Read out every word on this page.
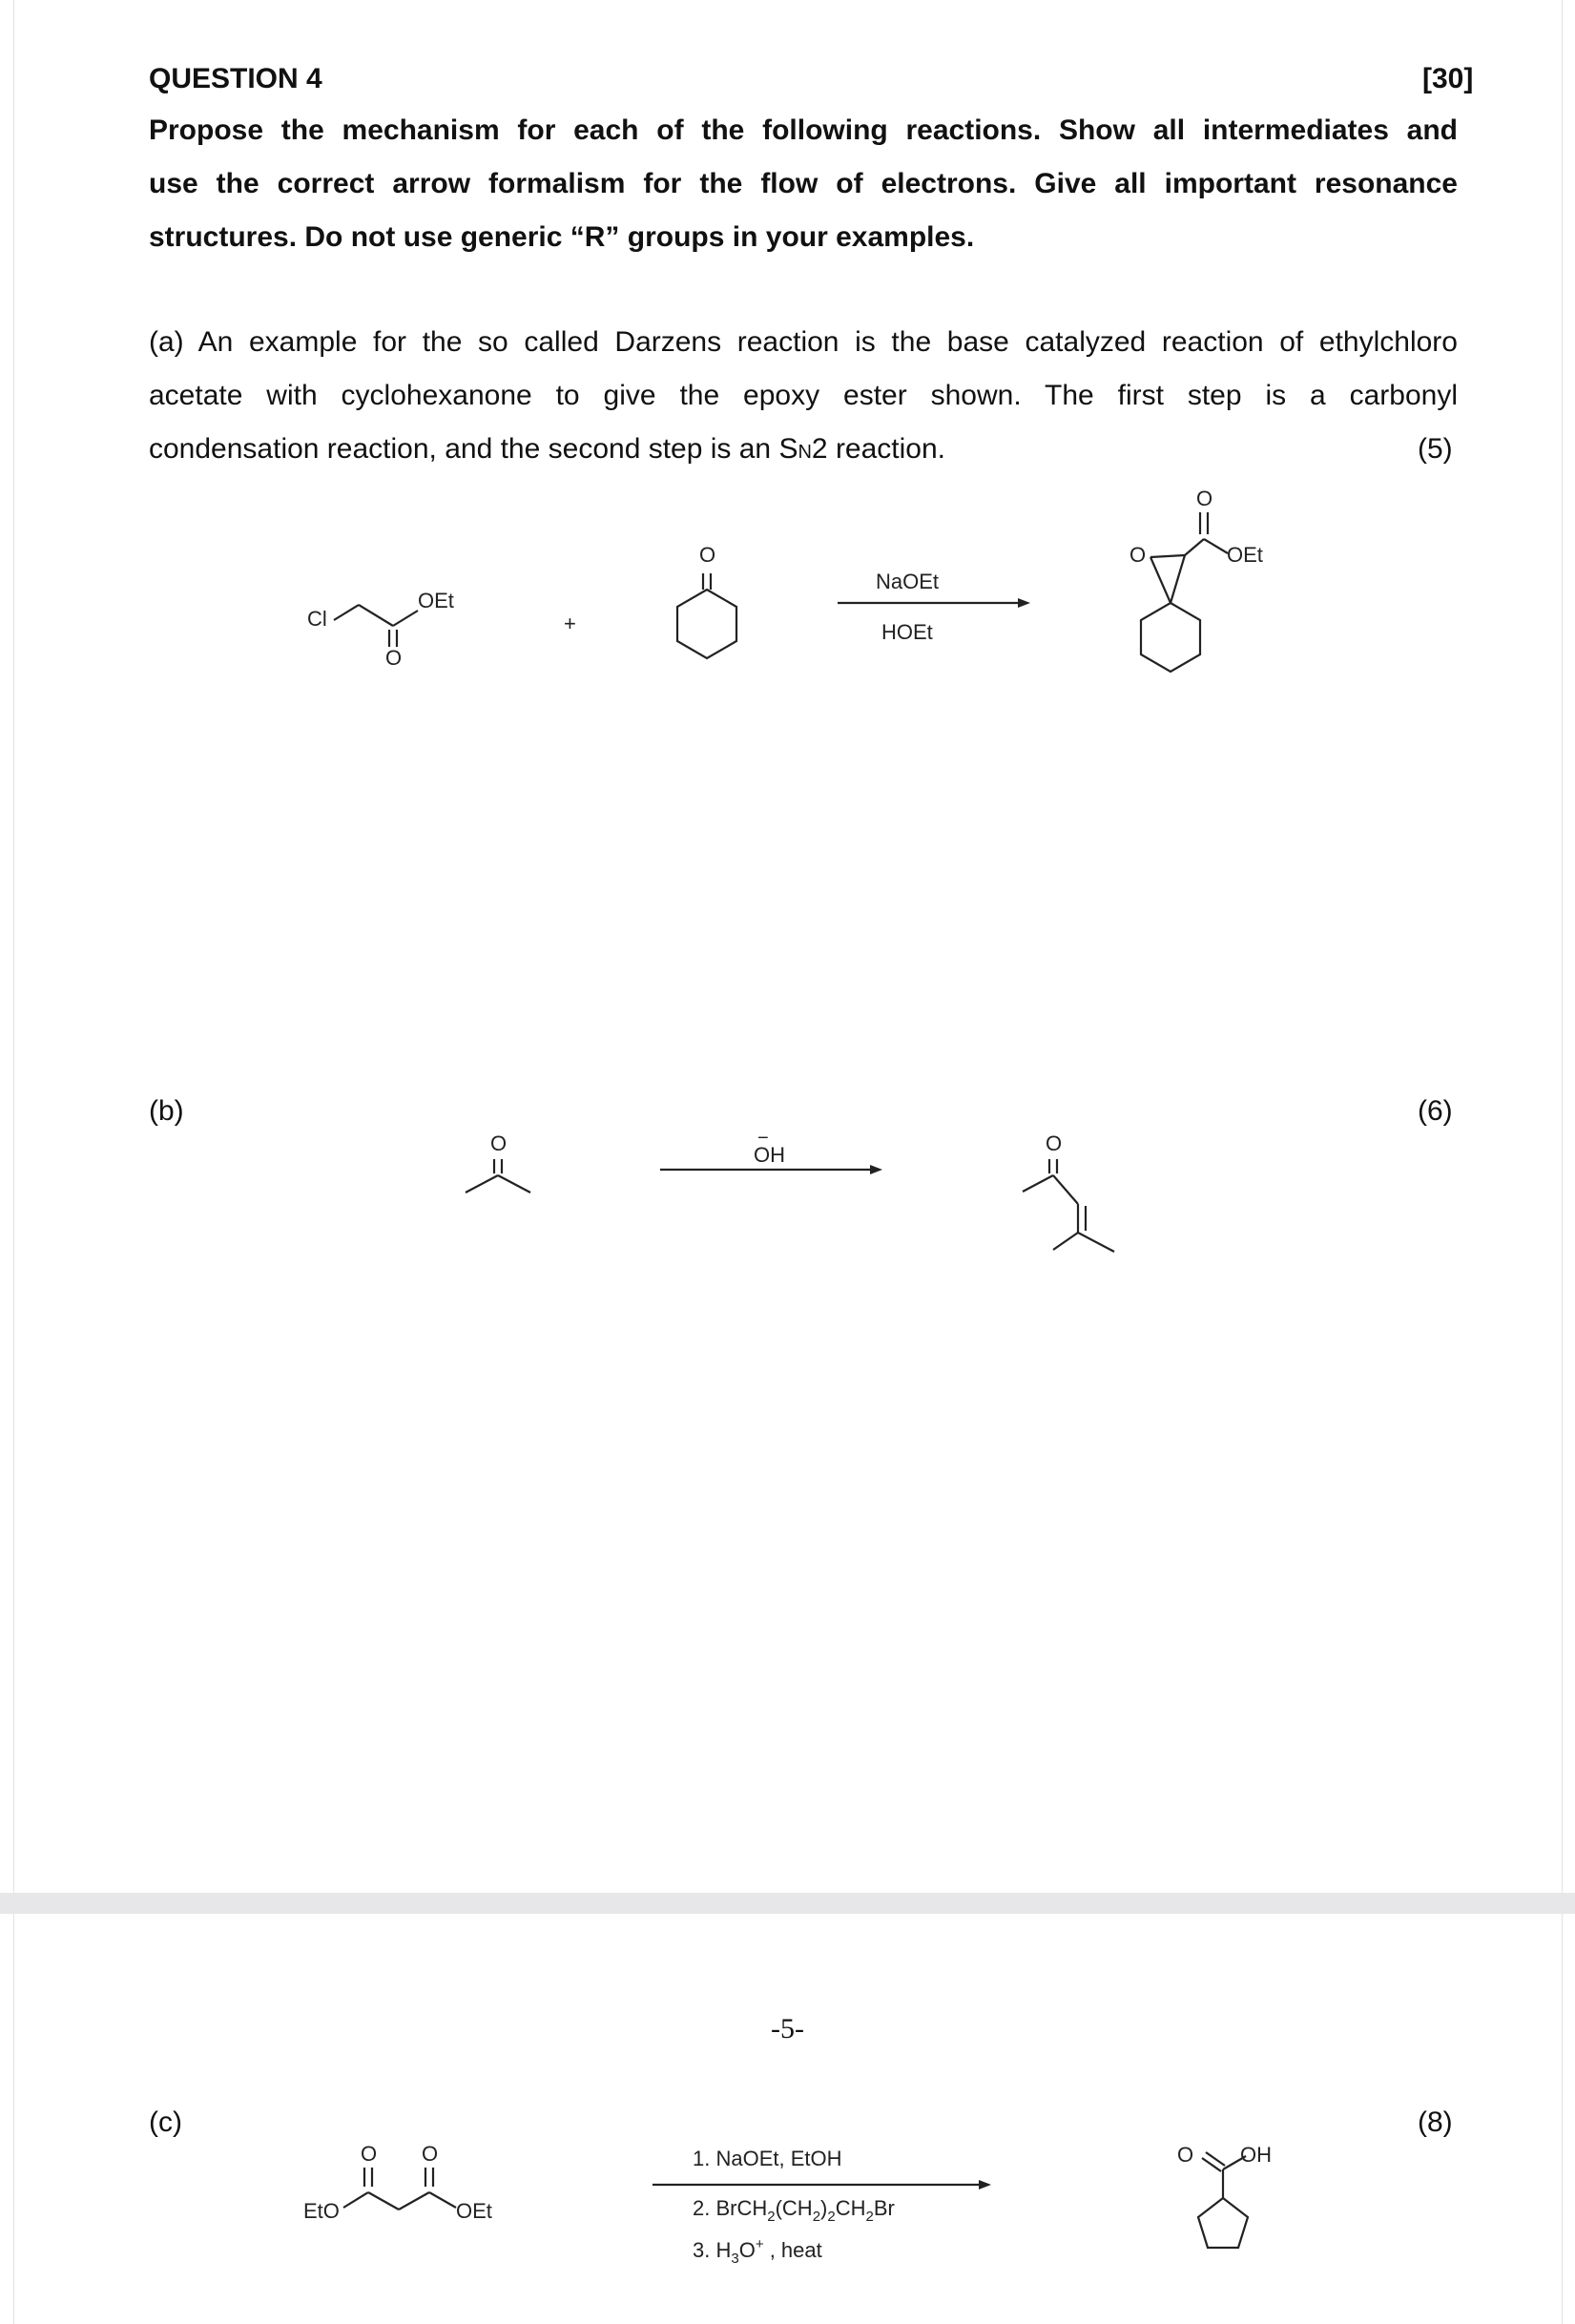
QUESTION 4	[30]
Propose the mechanism for each of the following reactions. Show all intermediates and
use the correct arrow formalism for the flow of electrons. Give all important resonance
structures. Do not use generic “R” groups in your examples.
(a) An example for the so called Darzens reaction is the base catalyzed reaction of ethylchloro
acetate with cyclohexanone to give the epoxy ester shown. The first step is a carbonyl
condensation reaction, and the second step is an SN2 reaction.	(5)
Cl
OEt
O
+
O
NaOEt
HOEt
O
O
OEt
(b)	(6)
O	OH
−	O
-5-
(c)	(8)
EtO	OEt
O O	1. NaOEt, EtOH
2. $BrCH_2(CH_2)_2CH_2Br$
3. $H_3O^+$ , heat
O OH
